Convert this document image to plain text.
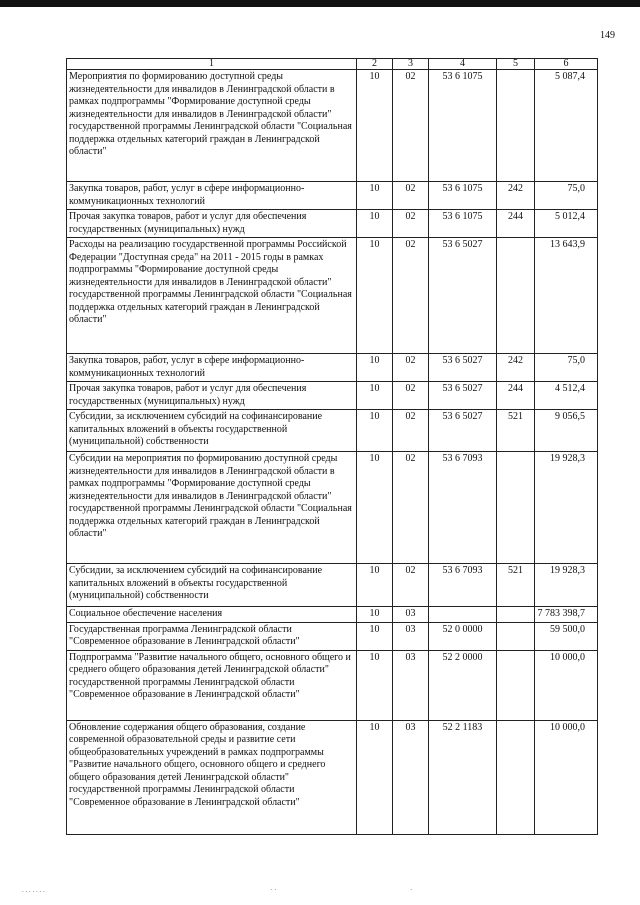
149
1	2	3	4	5	6
Мероприятия по формированию доступной среды жизнедеятельности для инвалидов в Ленинградской области в рамках подпрограммы "Формирование доступной среды жизнедеятельности для инвалидов в Ленинградской области" государственной программы Ленинградской области "Социальная поддержка отдельных категорий граждан в Ленинградской области"	10	02	53 6 1075		5 087,4
Закупка товаров, работ, услуг в сфере информационно-коммуникационных технологий	10	02	53 6 1075	242	75,0
Прочая закупка товаров, работ и услуг для обеспечения государственных (муниципальных) нужд	10	02	53 6 1075	244	5 012,4
Расходы на реализацию государственной программы Российской Федерации "Доступная среда" на 2011 - 2015 годы в рамках подпрограммы "Формирование доступной среды жизнедеятельности для инвалидов в Ленинградской области" государственной программы Ленинградской области "Социальная поддержка отдельных категорий граждан в Ленинградской области"	10	02	53 6 5027		13 643,9
Закупка товаров, работ, услуг в сфере информационно-коммуникационных технологий	10	02	53 6 5027	242	75,0
Прочая закупка товаров, работ и услуг для обеспечения государственных (муниципальных) нужд	10	02	53 6 5027	244	4 512,4
Субсидии, за исключением субсидий на софинансирование капитальных вложений в объекты государственной (муниципальной) собственности	10	02	53 6 5027	521	9 056,5
Субсидии на мероприятия по формированию доступной среды жизнедеятельности для инвалидов в Ленинградской области в рамках подпрограммы "Формирование доступной среды жизнедеятельности для инвалидов в Ленинградской области" государственной программы Ленинградской области "Социальная поддержка отдельных категорий граждан в Ленинградской области"	10	02	53 6 7093		19 928,3
Субсидии, за исключением субсидий на софинансирование капитальных вложений в объекты государственной (муниципальной) собственности	10	02	53 6 7093	521	19 928,3
Социальное обеспечение населения	10	03			7 783 398,7
Государственная программа Ленинградской области "Современное образование в Ленинградской области"	10	03	52 0 0000		59 500,0
Подпрограмма "Развитие начального общего, основного общего и среднего общего образования детей Ленинградской области" государственной программы Ленинградской области "Современное образование в Ленинградской области"	10	03	52 2 0000		10 000,0
Обновление содержания общего образования, создание современной образовательной среды и развитие сети общеобразовательных учреждений в рамках подпрограммы "Развитие начального общего, основного общего и среднего общего образования детей Ленинградской области" государственной программы Ленинградской области "Современное образование в Ленинградской области"	10	03	52 2 1183		10 000,0
. . . . . . .	· ·	·
